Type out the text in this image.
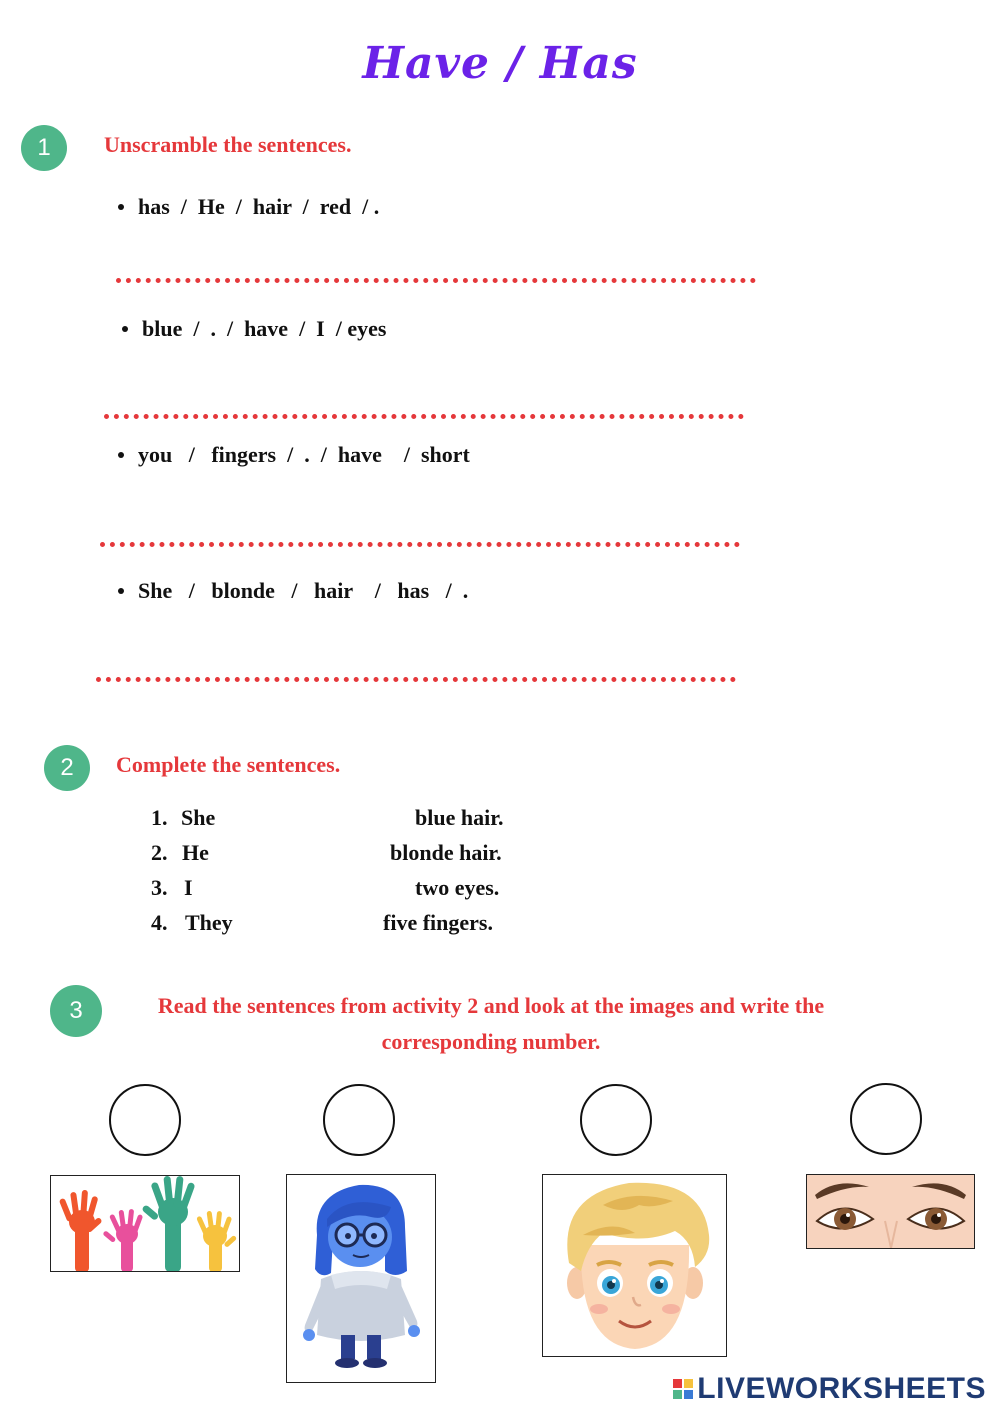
Have / Has
1	Unscramble the sentences.
has  /  He  /  hair  /  red  / .
blue  /  .  /  have  /  I  / eyes
you   /   fingers  /  .  /  have    /  short
She   /   blonde   /   hair    /   has   /  .
2	Complete the sentences.
1. She	blue hair.
2. He	blonde hair.
3. I	two eyes.
4. They	five fingers.
3	Read the sentences from activity 2 and look at the images and write the
corresponding number.
LIVEWORKSHEETS
